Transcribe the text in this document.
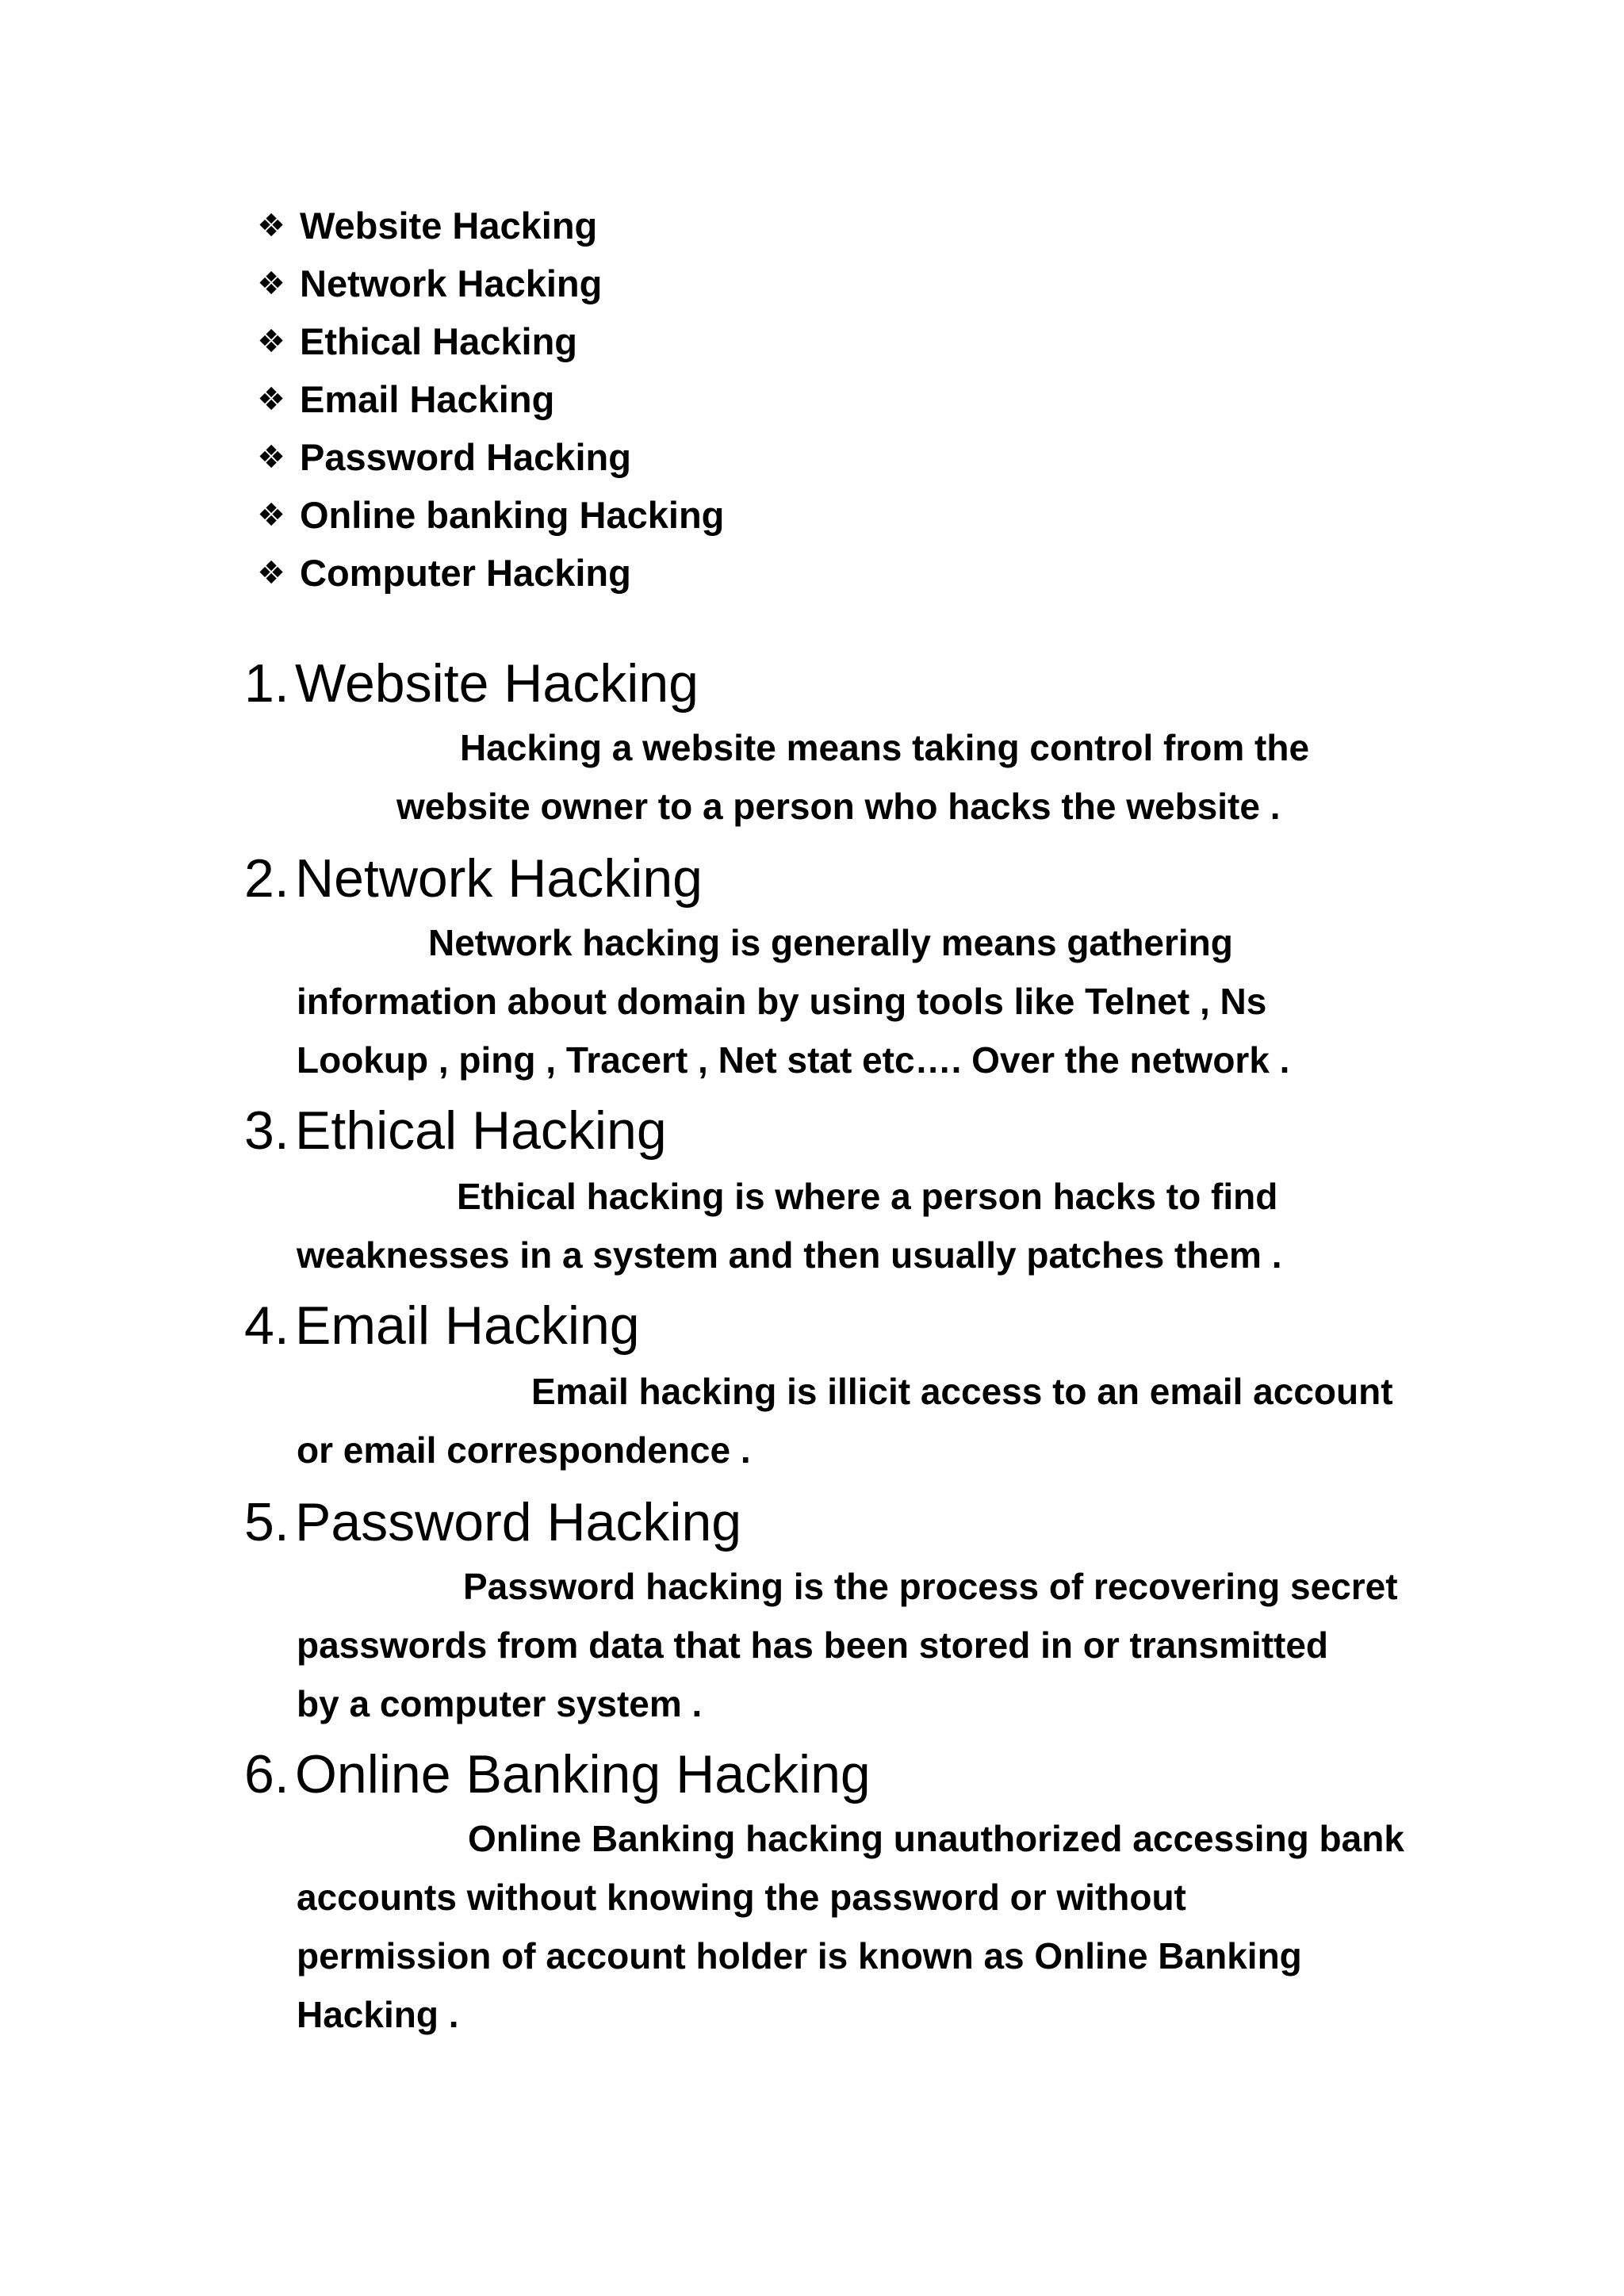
❖ Website Hacking
❖ Network Hacking
❖ Ethical Hacking
❖ Email Hacking
❖ Password Hacking
❖ Online banking Hacking
❖ Computer Hacking
1. Website Hacking
Hacking a website means taking control from the
website owner to a person who hacks the website .
2. Network Hacking
Network hacking is generally means gathering
information about domain by using tools like Telnet , Ns
Lookup , ping , Tracert , Net stat etc…. Over the network .
3. Ethical Hacking
Ethical hacking is where a person hacks to find
weaknesses in a system and then usually patches them .
4. Email Hacking
Email hacking is illicit access to an email account
or email correspondence .
5. Password Hacking
Password hacking is the process of recovering secret
passwords from data that has been stored in or transmitted
by a computer system .
6. Online Banking Hacking
Online Banking hacking unauthorized accessing bank
accounts without knowing the password or without
permission of account holder is known as Online Banking
Hacking .
